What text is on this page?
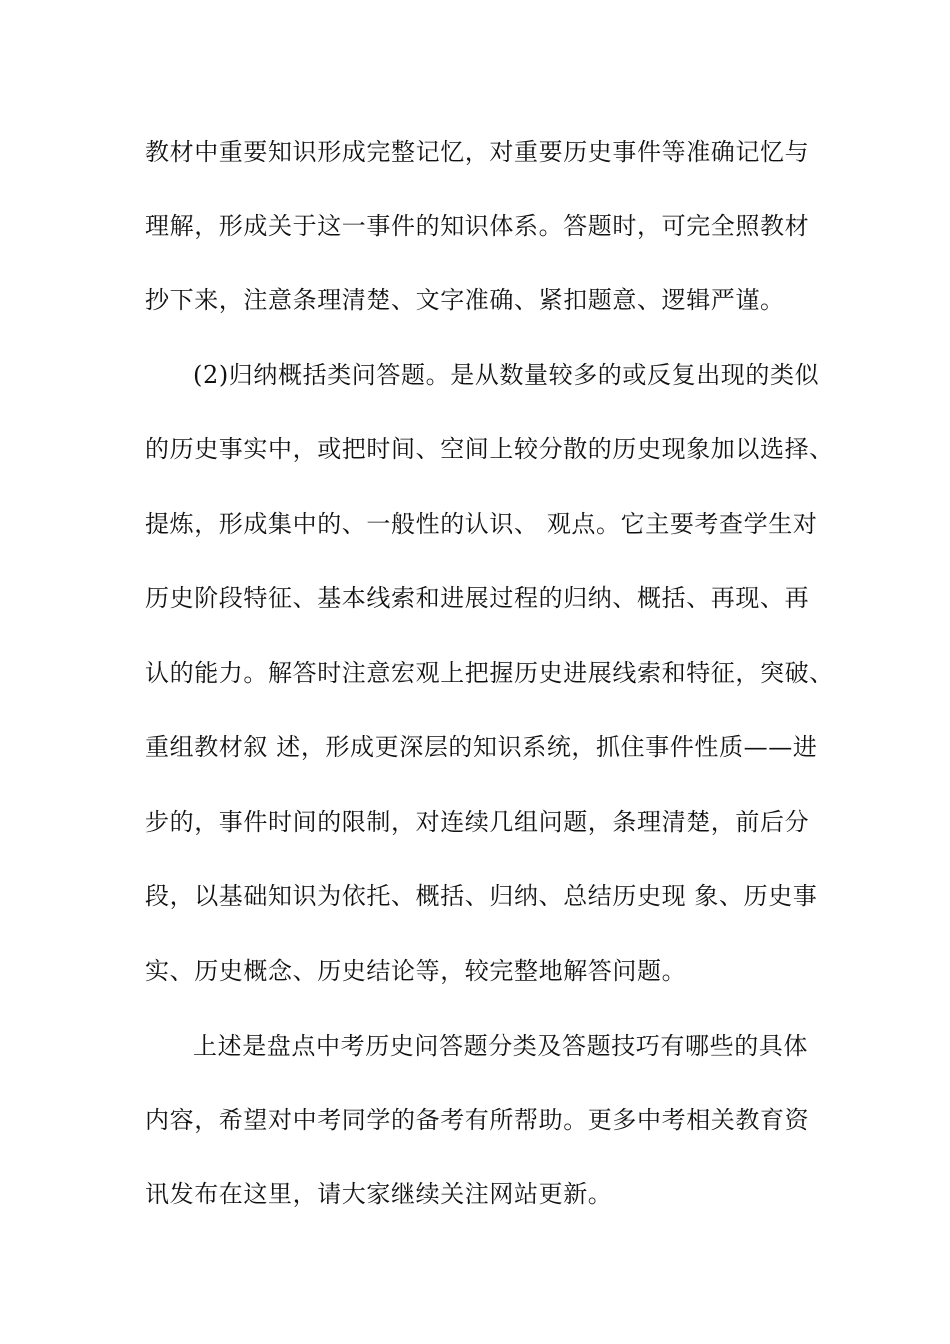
教材中重要知识形成完整记忆，对重要历史事件等准确记忆与
理解，形成关于这一事件的知识体系。答题时，可完全照教材
抄下来，注意条理清楚、文字准确、紧扣题意、逻辑严谨。
(2)归纳概括类问答题。是从数量较多的或反复出现的类似
的历史事实中，或把时间、空间上较分散的历史现象加以选择、
提炼，形成集中的、一般性的认识、 观点。它主要考查学生对
历史阶段特征、基本线索和进展过程的归纳、概括、再现、再
认的能力。解答时注意宏观上把握历史进展线索和特征，突破、
重组教材叙 述，形成更深层的知识系统，抓住事件性质——进
步的，事件时间的限制，对连续几组问题，条理清楚，前后分
段，以基础知识为依托、概括、归纳、总结历史现 象、历史事
实、历史概念、历史结论等，较完整地解答问题。
上述是盘点中考历史问答题分类及答题技巧有哪些的具体
内容，希望对中考同学的备考有所帮助。更多中考相关教育资
讯发布在这里，请大家继续关注网站更新。
